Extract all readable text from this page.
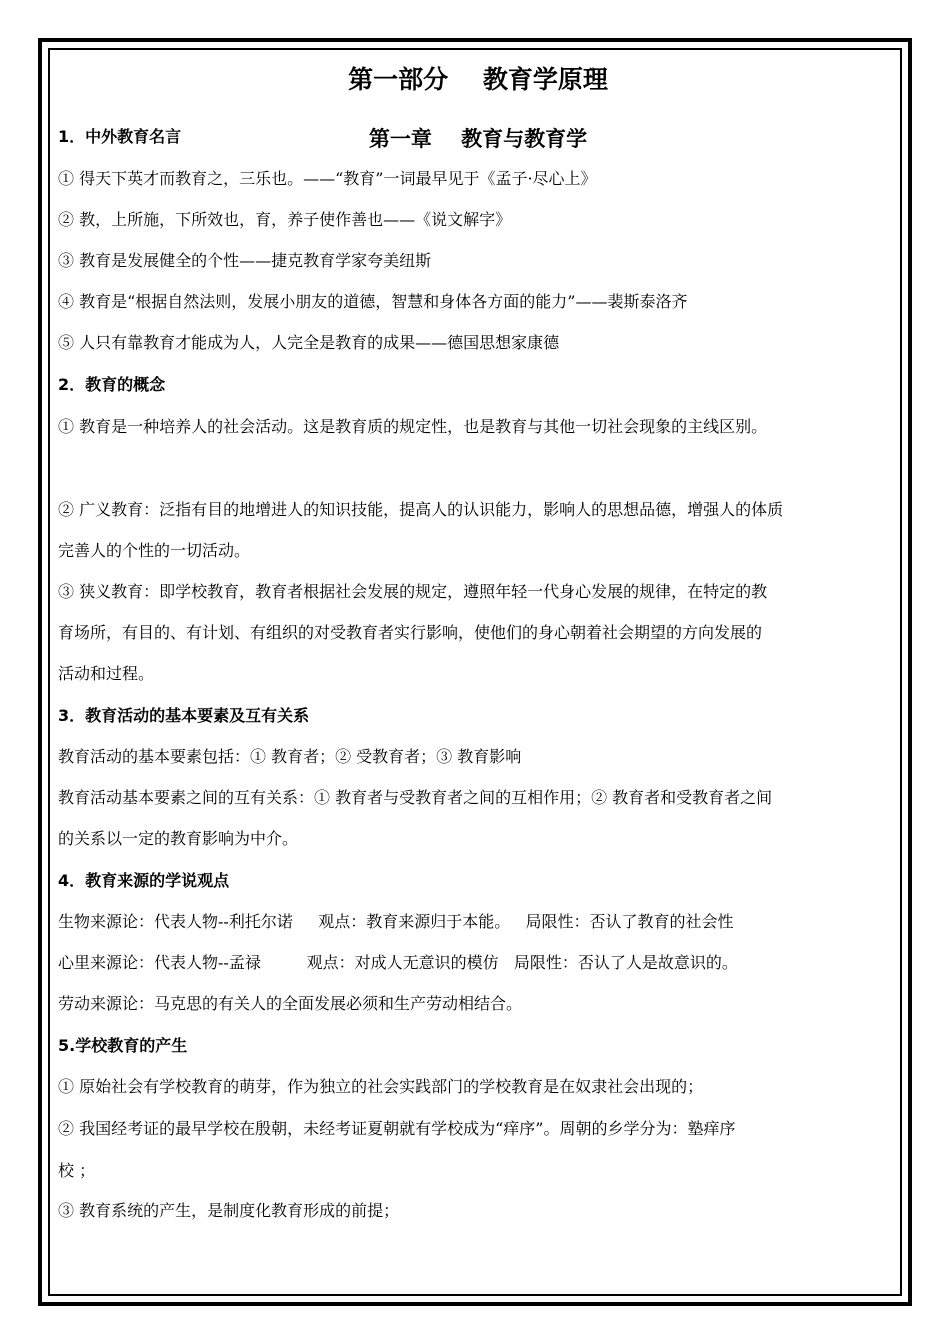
第一部分    教育学原理
第一章    教育与教育学
1．中外教育名言
① 得天下英才而教育之，三乐也。——“教育”一词最早见于《孟子·尽心上》
② 教，上所施，下所效也，育，养子使作善也——《说文解字》
③ 教育是发展健全的个性——捷克教育学家夸美纽斯
④ 教育是“根据自然法则，发展小朋友的道德，智慧和身体各方面的能力”——裴斯泰洛齐
⑤ 人只有靠教育才能成为人，人完全是教育的成果——德国思想家康德
2．教育的概念
① 教育是一种培养人的社会活动。这是教育质的规定性，也是教育与其他一切社会现象的主线区别。
② 广义教育：泛指有目的地增进人的知识技能，提高人的认识能力，影响人的思想品德，增强人的体质
完善人的个性的一切活动。
③ 狭义教育：即学校教育，教育者根据社会发展的规定，遵照年轻一代身心发展的规律，在特定的教
育场所，有目的、有计划、有组织的对受教育者实行影响，使他们的身心朝着社会期望的方向发展的
活动和过程。
3．教育活动的基本要素及互有关系
教育活动的基本要素包括：① 教育者；② 受教育者；③ 教育影响
教育活动基本要素之间的互有关系：① 教育者与受教育者之间的互相作用；② 教育者和受教育者之间
的关系以一定的教育影响为中介。
4．教育来源的学说观点
生物来源论：代表人物--利托尔诺     观点：教育来源归于本能。   局限性：否认了教育的社会性
心里来源论：代表人物--孟禄         观点：对成人无意识的模仿   局限性：否认了人是故意识的。
劳动来源论：马克思的有关人的全面发展必须和生产劳动相结合。
5.学校教育的产生
① 原始社会有学校教育的萌芽，作为独立的社会实践部门的学校教育是在奴隶社会出现的；
② 我国经考证的最早学校在殷朝，未经考证夏朝就有学校成为“痒序”。周朝的乡学分为：塾痒序
校 ；
③ 教育系统的产生，是制度化教育形成的前提；
